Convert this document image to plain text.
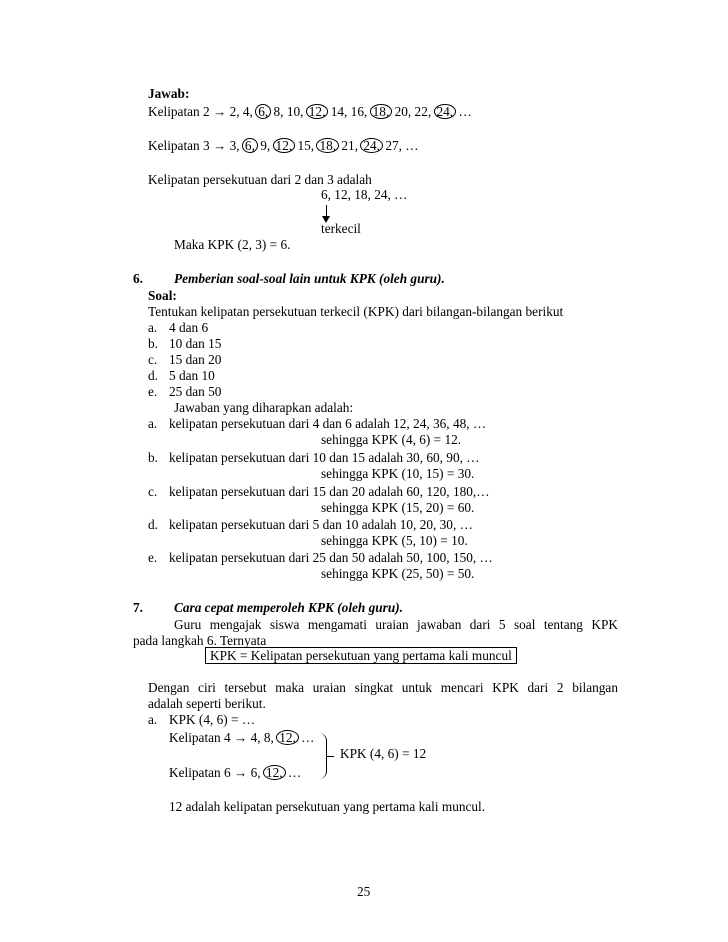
Jawab:
Kelipatan 2 → 2, 4, 6, 8, 10, 12, 14, 16, 18, 20, 22, 24, …
Kelipatan 3 → 3, 6, 9, 12, 15, 18, 21, 24, 27, …
Kelipatan persekutuan dari 2 dan 3 adalah
6, 12, 18, 24, …
terkecil
Maka KPK (2, 3) = 6.
6. Pemberian soal-soal lain untuk KPK (oleh guru).
Soal:
Tentukan kelipatan persekutuan terkecil (KPK) dari bilangan-bilangan berikut
a. 4 dan 6
b. 10 dan 15
c. 15 dan 20
d. 5 dan 10
e. 25 dan 50
Jawaban yang diharapkan adalah:
a. kelipatan persekutuan dari 4 dan 6 adalah 12, 24, 36, 48, …
sehingga KPK (4, 6) = 12.
b. kelipatan persekutuan dari 10 dan 15 adalah 30, 60, 90, …
sehingga KPK (10, 15) = 30.
c. kelipatan persekutuan dari 15 dan 20 adalah 60, 120, 180,…
sehingga KPK (15, 20) = 60.
d. kelipatan persekutuan dari 5 dan 10 adalah 10, 20, 30, …
sehingga KPK (5, 10) = 10.
e. kelipatan persekutuan dari 25 dan 50 adalah 50, 100, 150, …
sehingga KPK (25, 50) = 50.
7. Cara cepat memperoleh KPK (oleh guru).
Guru mengajak siswa mengamati uraian jawaban dari 5 soal tentang KPK
pada langkah 6. Ternyata
KPK = Kelipatan persekutuan yang pertama kali muncul
Dengan ciri tersebut maka uraian singkat untuk mencari KPK dari 2 bilangan
adalah seperti berikut.
a. KPK (4, 6) = …
Kelipatan 4 → 4, 8, 12, …
KPK (4, 6) = 12
Kelipatan 6 → 6, 12, …
12 adalah kelipatan persekutuan yang pertama kali muncul.
25
